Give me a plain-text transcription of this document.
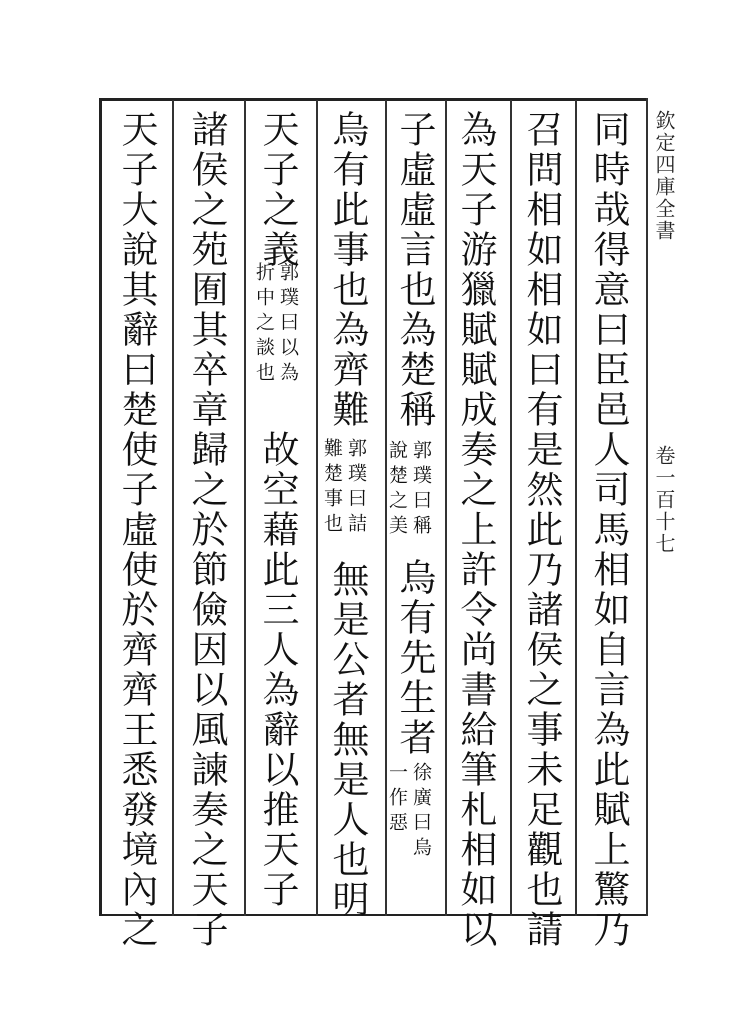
欽定四庫全書
卷一百十七
同時哉得意曰臣邑人司馬相如自言為此賦上驚乃
召問相如相如曰有是然此乃諸侯之事未足觀也請
為天子游獵賦賦成奏之上許令尚書給筆札相如以
子虛虛言也為楚稱
郭璞曰稱
說楚之美
烏有先生者
徐廣曰烏
一作惡
烏有此事也為齊難
郭璞曰詰
難楚事也
無是公者無是人也明
天子之義
郭璞曰以為
折中之談也
故空藉此三人為辭以推天子
諸侯之苑囿其卒章歸之於節儉因以風諫奏之天子
天子大說其辭曰楚使子虛使於齊齊王悉發境內之
